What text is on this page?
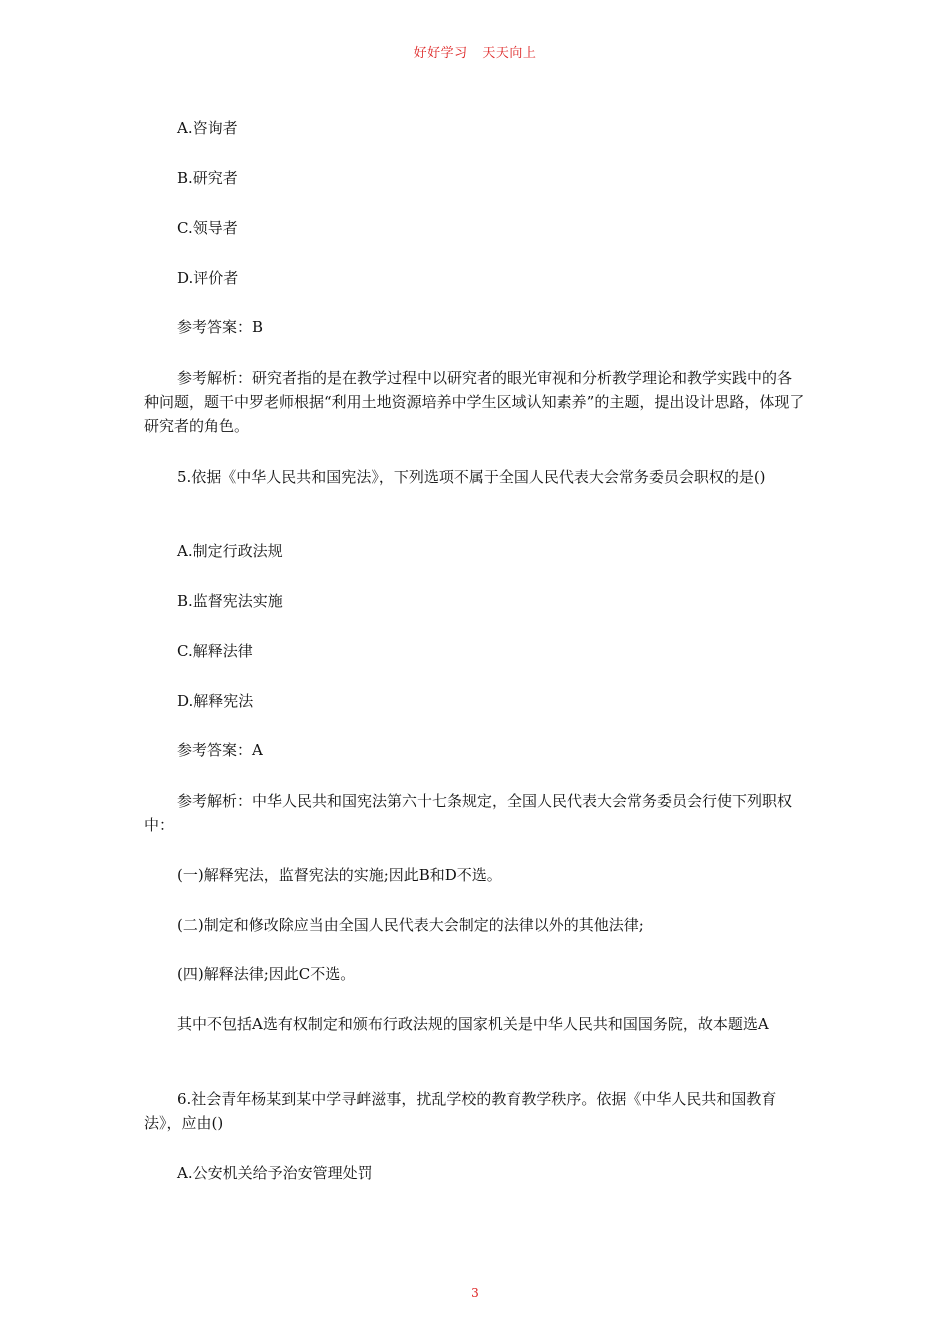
好好学习 天天向上

A.咨询者

B.研究者

C.领导者

D.评价者

参考答案：B

参考解析：研究者指的是在教学过程中以研究者的眼光审视和分析教学理论和教学实践中的各种问题，题干中罗老师根据“利用土地资源培养中学生区域认知素养”的主题，提出设计思路，体现了研究者的角色。

5.依据《中华人民共和国宪法》，下列选项不属于全国人民代表大会常务委员会职权的是()

A.制定行政法规

B.监督宪法实施

C.解释法律

D.解释宪法

参考答案：A

参考解析：中华人民共和国宪法第六十七条规定，全国人民代表大会常务委员会行使下列职权中：

(一)解释宪法，监督宪法的实施;因此B和D不选。

(二)制定和修改除应当由全国人民代表大会制定的法律以外的其他法律;

(四)解释法律;因此C不选。

其中不包括A选有权制定和颁布行政法规的国家机关是中华人民共和国国务院，故本题选A

6.社会青年杨某到某中学寻衅滋事，扰乱学校的教育教学秩序。依据《中华人民共和国教育法》，应由()

A.公安机关给予治安管理处罚

3
